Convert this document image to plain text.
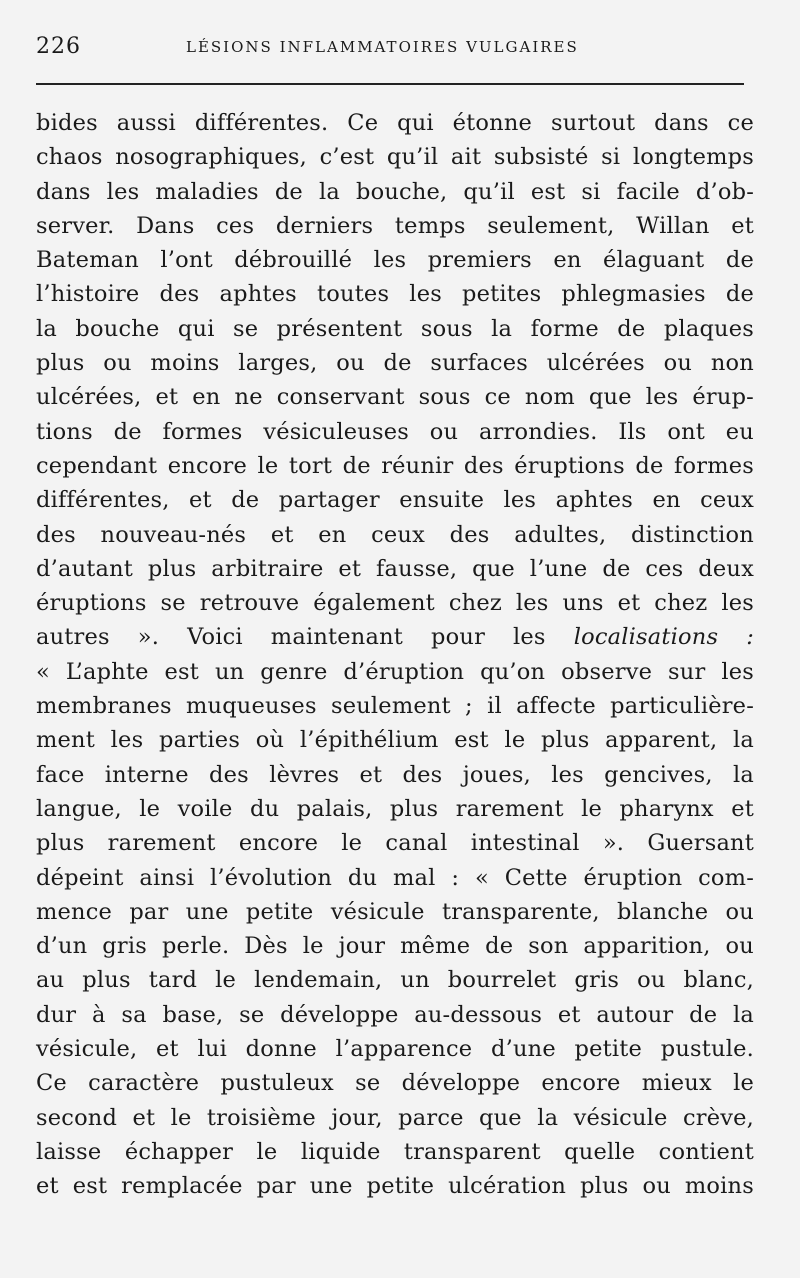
226	LÉSIONS INFLAMMATOIRES VULGAIRES
bides aussi différentes. Ce qui étonne surtout dans ce
chaos nosographiques, c’est qu’il ait subsisté si longtemps
dans les maladies de la bouche, qu’il est si facile d’ob-
server. Dans ces derniers temps seulement, Willan et
Bateman l’ont débrouillé les premiers en élaguant de
l’histoire des aphtes toutes les petites phlegmasies de
la bouche qui se présentent sous la forme de plaques
plus ou moins larges, ou de surfaces ulcérées ou non
ulcérées, et en ne conservant sous ce nom que les érup-
tions de formes vésiculeuses ou arrondies. Ils ont eu
cependant encore le tort de réunir des éruptions de formes
différentes, et de partager ensuite les aphtes en ceux
des nouveau-nés et en ceux des adultes, distinction
d’autant plus arbitraire et fausse, que l’une de ces deux
éruptions se retrouve également chez les uns et chez les
autres ». Voici maintenant pour les localisations :
« L’aphte est un genre d’éruption qu’on observe sur les
membranes muqueuses seulement ; il affecte particulière-
ment les parties où l’épithélium est le plus apparent, la
face interne des lèvres et des joues, les gencives, la
langue, le voile du palais, plus rarement le pharynx et
plus rarement encore le canal intestinal ». Guersant
dépeint ainsi l’évolution du mal : « Cette éruption com-
mence par une petite vésicule transparente, blanche ou
d’un gris perle. Dès le jour même de son apparition, ou
au plus tard le lendemain, un bourrelet gris ou blanc,
dur à sa base, se développe au-dessous et autour de la
vésicule, et lui donne l’apparence d’une petite pustule.
Ce caractère pustuleux se développe encore mieux le
second et le troisième jour, parce que la vésicule crève,
laisse échapper le liquide transparent quelle contient
et est remplacée par une petite ulcération plus ou moins
